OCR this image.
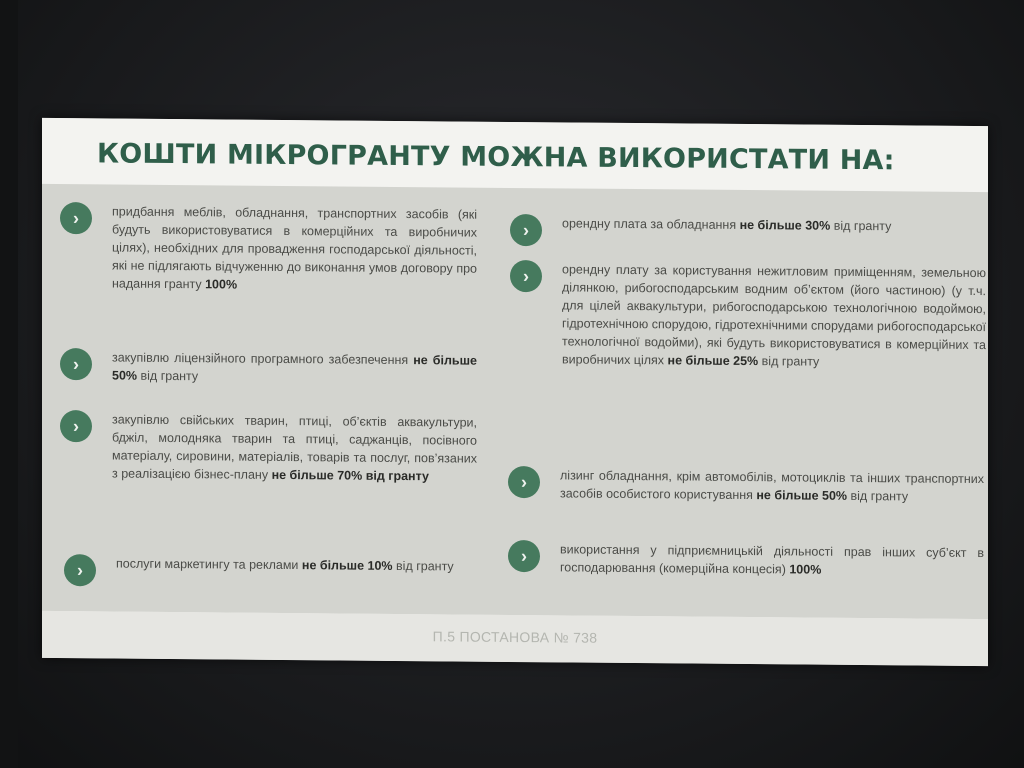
КОШТИ МІКРОГРАНТУ МОЖНА ВИКОРИСТАТИ НА:
›	придбання меблів, обладнання, транспортних засобів (які будуть використовуватися в комерційних та виробничих цілях), необхідних для провадження господарської діяльності, які не підлягають відчуженню до виконання умов договору про надання гранту 100%
›	закупівлю ліцензійного програмного забезпечення не більше 50% від гранту
›	закупівлю свійських тварин, птиці, об’єктів аквакультури, бджіл, молодняка тварин та птиці, саджанців, посівного матеріалу, сировини, матеріалів, товарів та послуг, пов’язаних з реалізацією бізнес-плану не більше 70% від гранту
›	послуги маркетингу та реклами не більше 10% від гранту
›	орендну плата за обладнання не більше 30% від гранту
›	орендну плату за користування нежитловим приміщенням, земельною ділянкою, рибогосподарським водним об’єктом (його частиною) (у т.ч. для цілей аквакультури, рибогосподарською технологічною водоймою, гідротехнічною спорудою, гідротехнічними спорудами рибогосподарської технологічної водойми), які будуть використовуватися в комерційних та виробничих цілях не більше 25% від гранту
›	лізинг обладнання, крім автомобілів, мотоциклів та інших транспортних засобів особистого користування не більше 50% від гранту
›	використання у підприємницькій діяльності прав інших суб’єкт в господарювання (комерційна концесія) 100%
П.5 ПОСТАНОВА № 738
